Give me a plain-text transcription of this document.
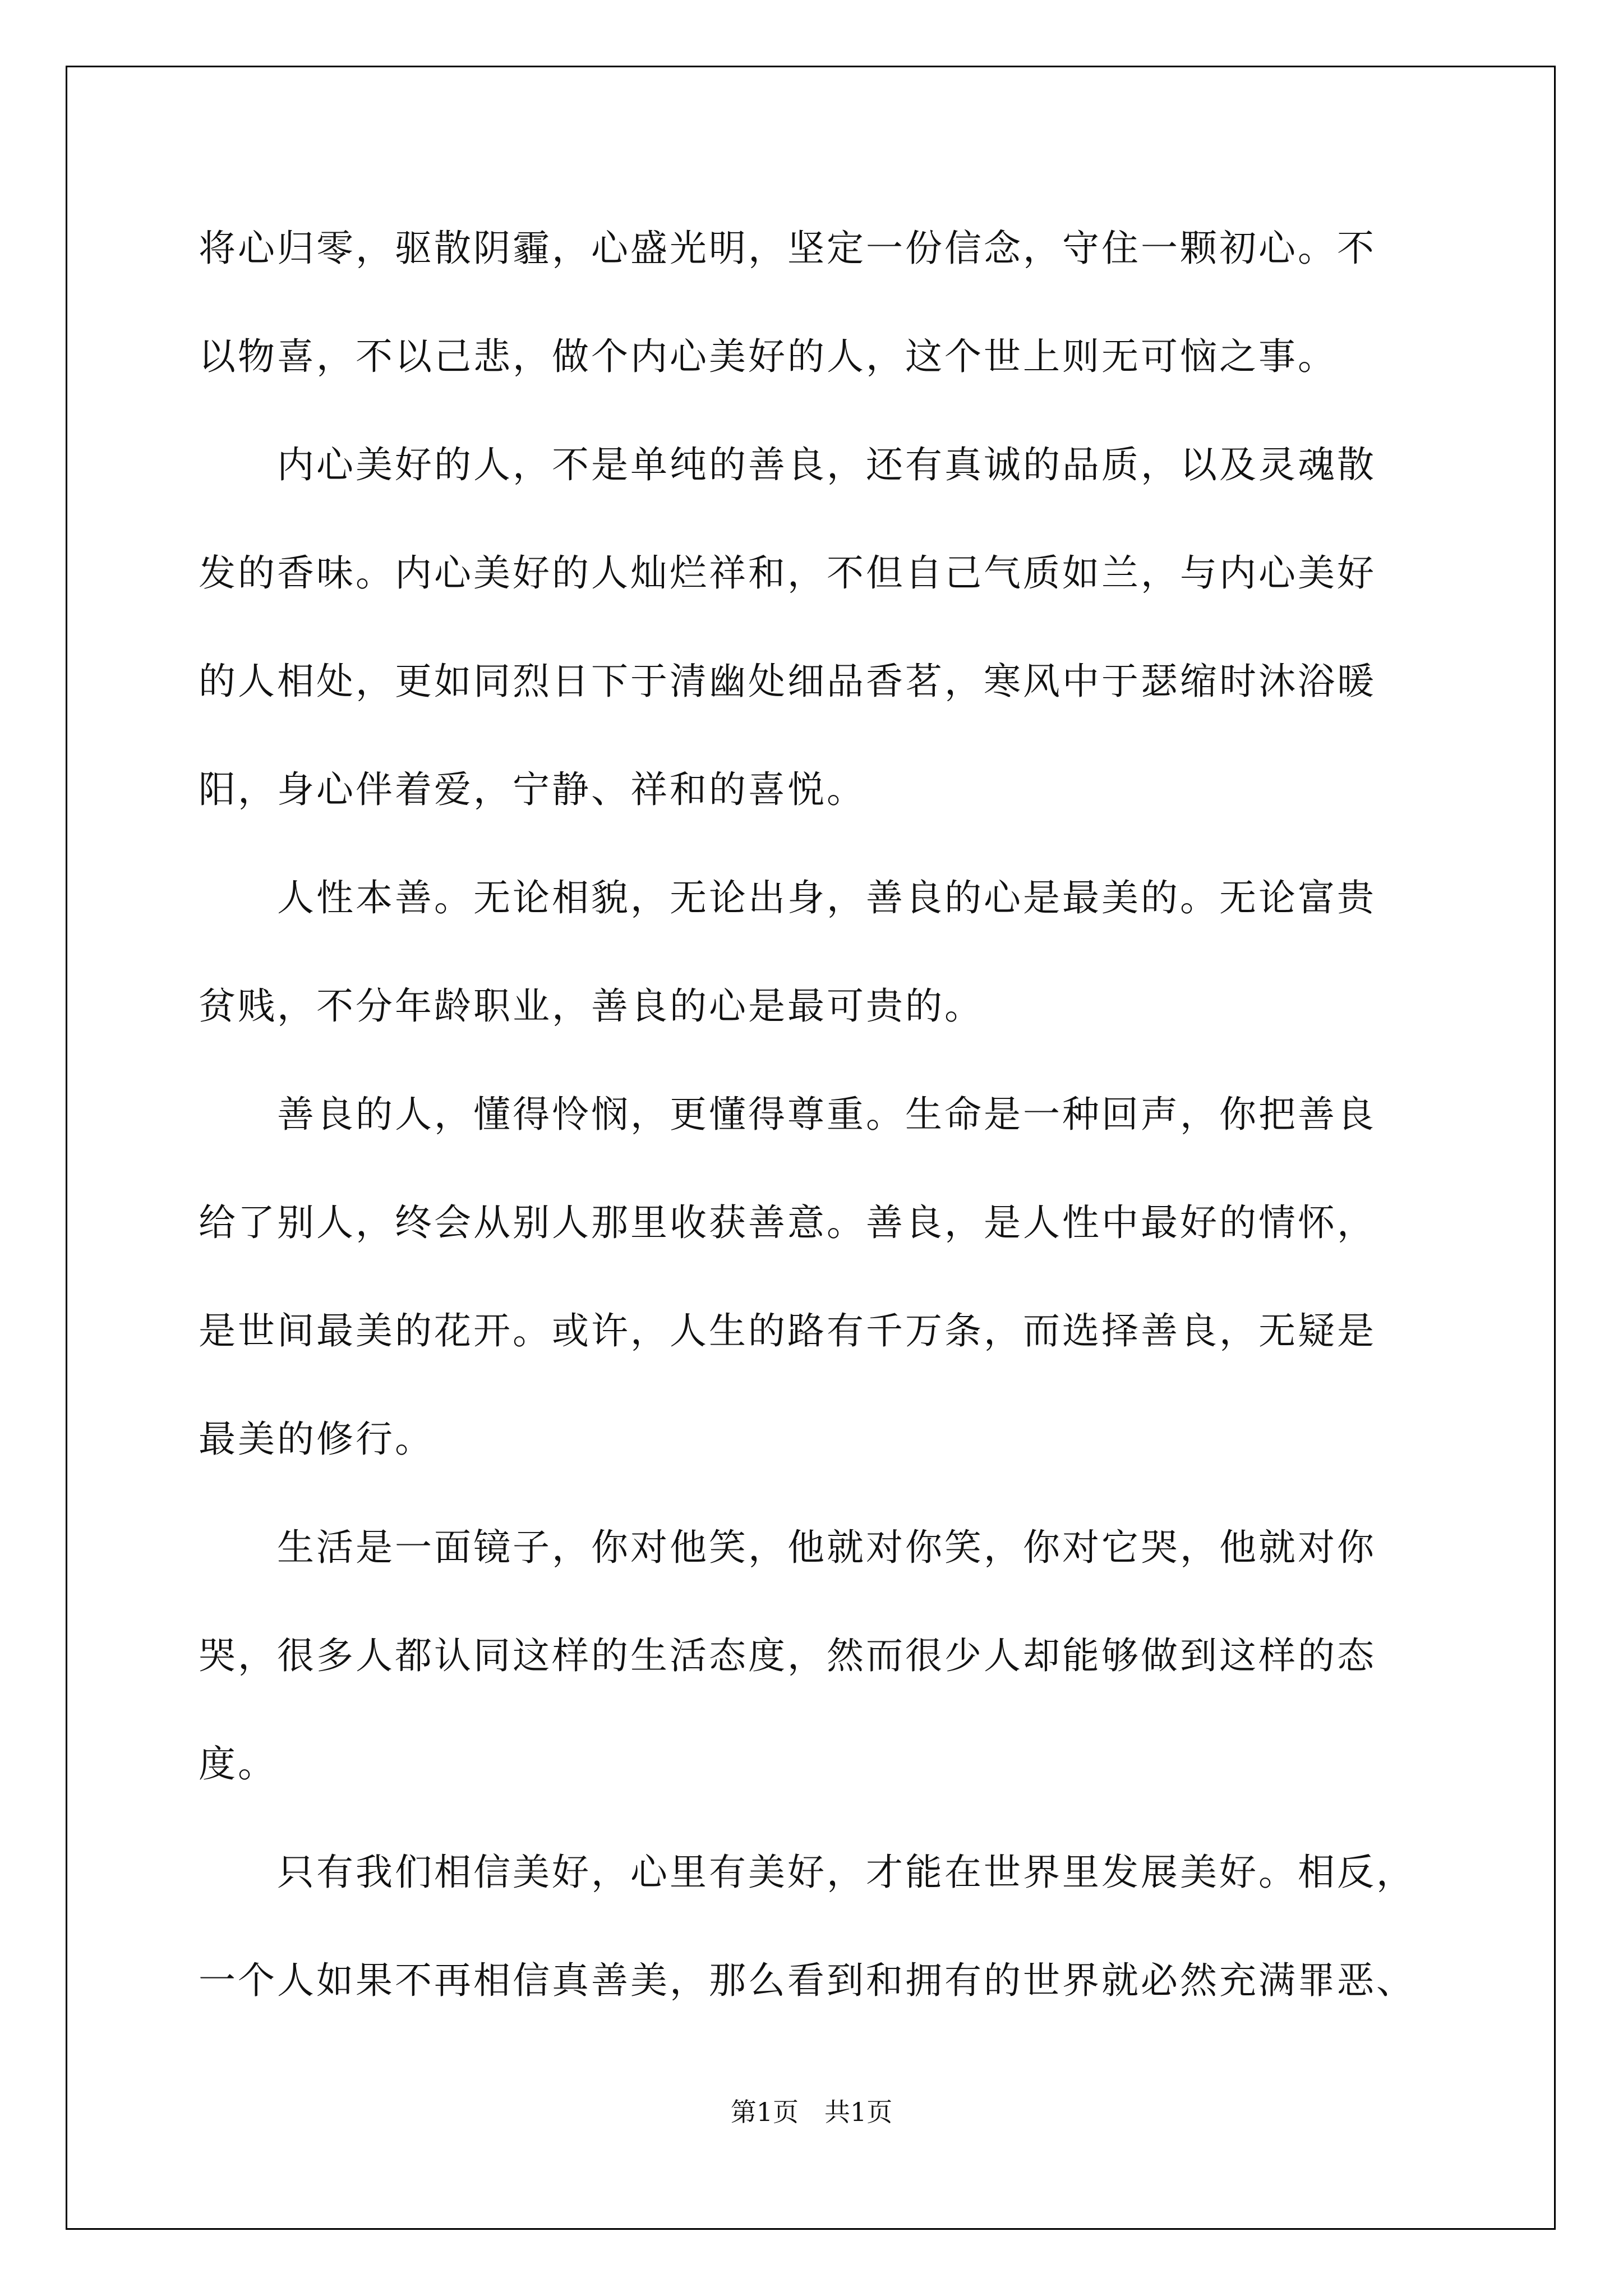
将心归零，驱散阴霾，心盛光明，坚定一份信念，守住一颗初心。不
以物喜，不以己悲，做个内心美好的人，这个世上则无可恼之事。
　　内心美好的人，不是单纯的善良，还有真诚的品质，以及灵魂散
发的香味。内心美好的人灿烂祥和，不但自己气质如兰，与内心美好
的人相处，更如同烈日下于清幽处细品香茗，寒风中于瑟缩时沐浴暖
阳，身心伴着爱，宁静、祥和的喜悦。
　　人性本善。无论相貌，无论出身，善良的心是最美的。无论富贵
贫贱，不分年龄职业，善良的心是最可贵的。
　　善良的人，懂得怜悯，更懂得尊重。生命是一种回声，你把善良
给了别人，终会从别人那里收获善意。善良，是人性中最好的情怀，
是世间最美的花开。或许，人生的路有千万条，而选择善良，无疑是
最美的修行。
　　生活是一面镜子，你对他笑，他就对你笑，你对它哭，他就对你
哭，很多人都认同这样的生活态度，然而很少人却能够做到这样的态
度。
　　只有我们相信美好，心里有美好，才能在世界里发展美好。相反，
一个人如果不再相信真善美，那么看到和拥有的世界就必然充满罪恶、
第1页　共1页
